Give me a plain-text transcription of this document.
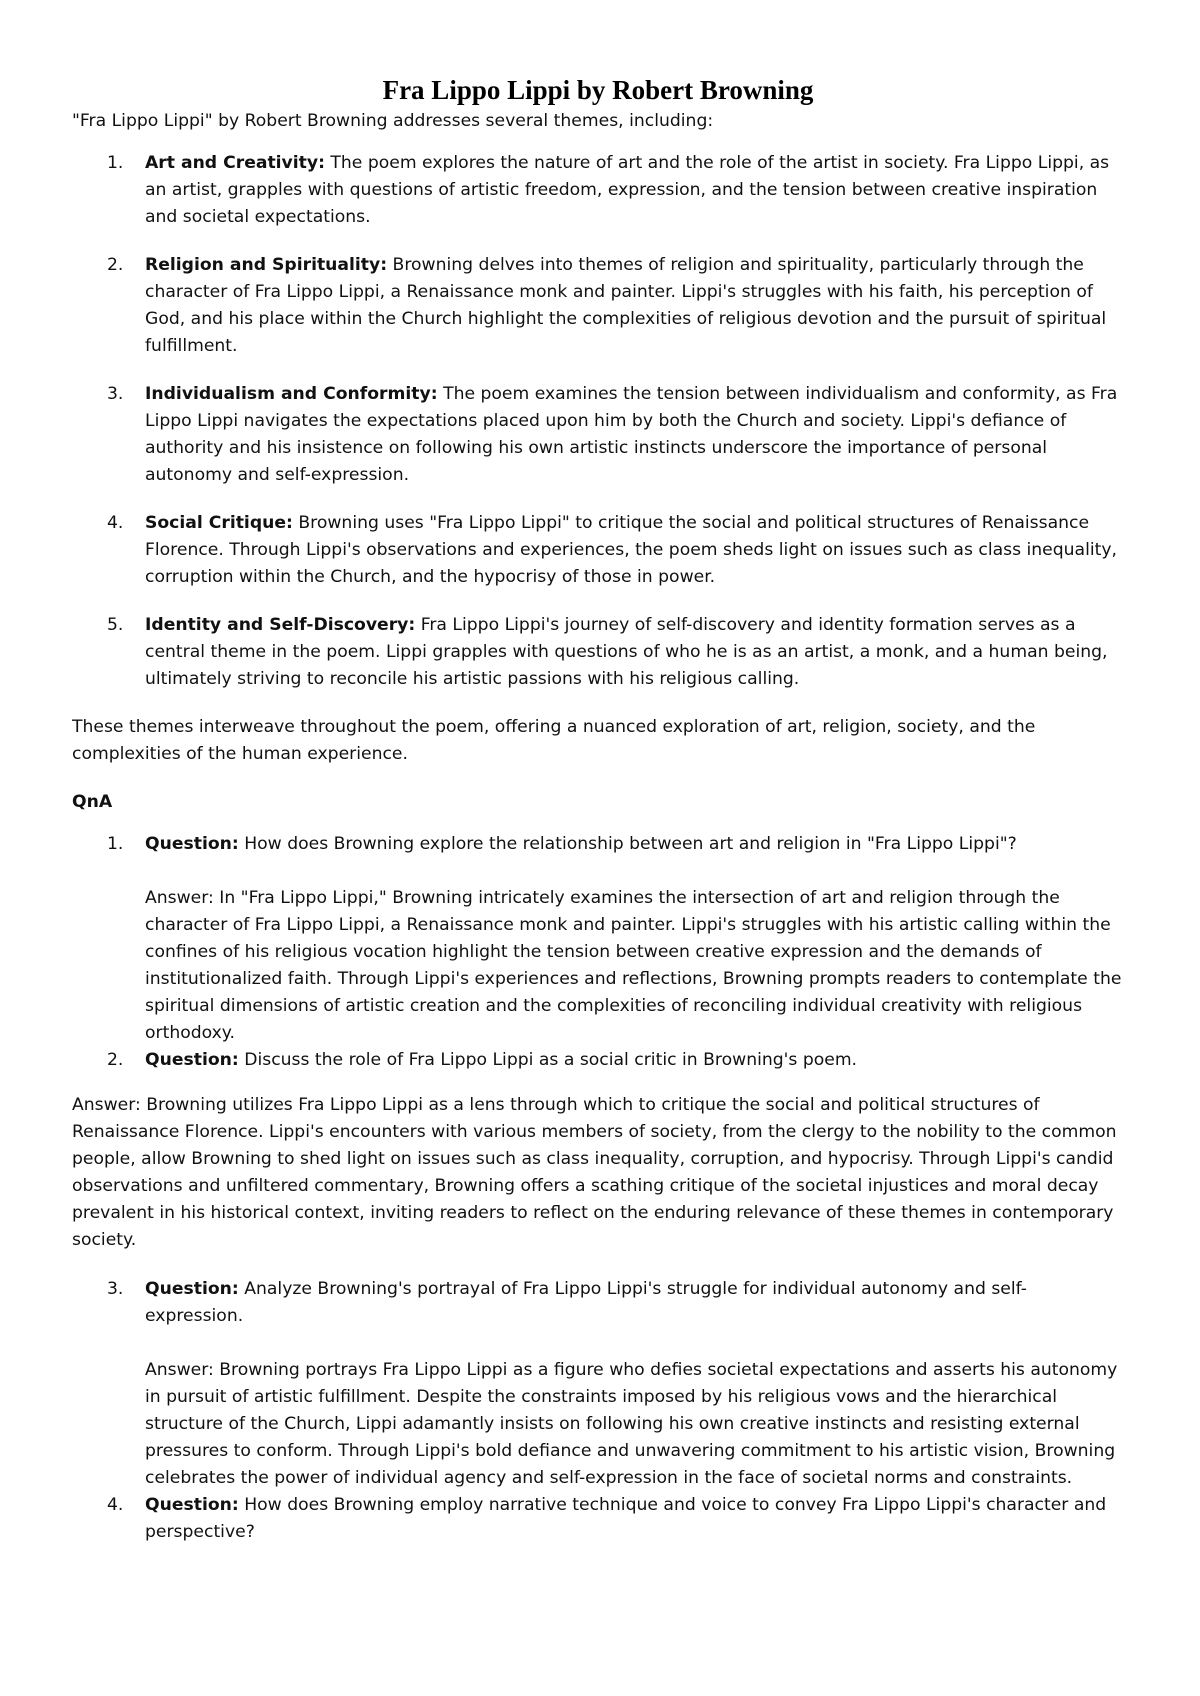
Fra Lippo Lippi by Robert Browning

"Fra Lippo Lippi" by Robert Browning addresses several themes, including:

1. Art and Creativity: The poem explores the nature of art and the role of the artist in society. Fra Lippo Lippi, as an artist, grapples with questions of artistic freedom, expression, and the tension between creative inspiration and societal expectations.
2. Religion and Spirituality: Browning delves into themes of religion and spirituality, particularly through the character of Fra Lippo Lippi, a Renaissance monk and painter. Lippi's struggles with his faith, his perception of God, and his place within the Church highlight the complexities of religious devotion and the pursuit of spiritual fulfillment.
3. Individualism and Conformity: The poem examines the tension between individualism and conformity, as Fra Lippo Lippi navigates the expectations placed upon him by both the Church and society. Lippi's defiance of authority and his insistence on following his own artistic instincts underscore the importance of personal autonomy and self-expression.
4. Social Critique: Browning uses "Fra Lippo Lippi" to critique the social and political structures of Renaissance Florence. Through Lippi's observations and experiences, the poem sheds light on issues such as class inequality, corruption within the Church, and the hypocrisy of those in power.
5. Identity and Self-Discovery: Fra Lippo Lippi's journey of self-discovery and identity formation serves as a central theme in the poem. Lippi grapples with questions of who he is as an artist, a monk, and a human being, ultimately striving to reconcile his artistic passions with his religious calling.

These themes interweave throughout the poem, offering a nuanced exploration of art, religion, society, and the complexities of the human experience.

QnA

1. Question: How does Browning explore the relationship between art and religion in "Fra Lippo Lippi"?

Answer: In "Fra Lippo Lippi," Browning intricately examines the intersection of art and religion through the character of Fra Lippo Lippi, a Renaissance monk and painter. Lippi's struggles with his artistic calling within the confines of his religious vocation highlight the tension between creative expression and the demands of institutionalized faith. Through Lippi's experiences and reflections, Browning prompts readers to contemplate the spiritual dimensions of artistic creation and the complexities of reconciling individual creativity with religious orthodoxy.

2. Question: Discuss the role of Fra Lippo Lippi as a social critic in Browning's poem.

Answer: Browning utilizes Fra Lippo Lippi as a lens through which to critique the social and political structures of Renaissance Florence. Lippi's encounters with various members of society, from the clergy to the nobility to the common people, allow Browning to shed light on issues such as class inequality, corruption, and hypocrisy. Through Lippi's candid observations and unfiltered commentary, Browning offers a scathing critique of the societal injustices and moral decay prevalent in his historical context, inviting readers to reflect on the enduring relevance of these themes in contemporary society.

3. Question: Analyze Browning's portrayal of Fra Lippo Lippi's struggle for individual autonomy and self-expression.

Answer: Browning portrays Fra Lippo Lippi as a figure who defies societal expectations and asserts his autonomy in pursuit of artistic fulfillment. Despite the constraints imposed by his religious vows and the hierarchical structure of the Church, Lippi adamantly insists on following his own creative instincts and resisting external pressures to conform. Through Lippi's bold defiance and unwavering commitment to his artistic vision, Browning celebrates the power of individual agency and self-expression in the face of societal norms and constraints.

4. Question: How does Browning employ narrative technique and voice to convey Fra Lippo Lippi's character and perspective?
